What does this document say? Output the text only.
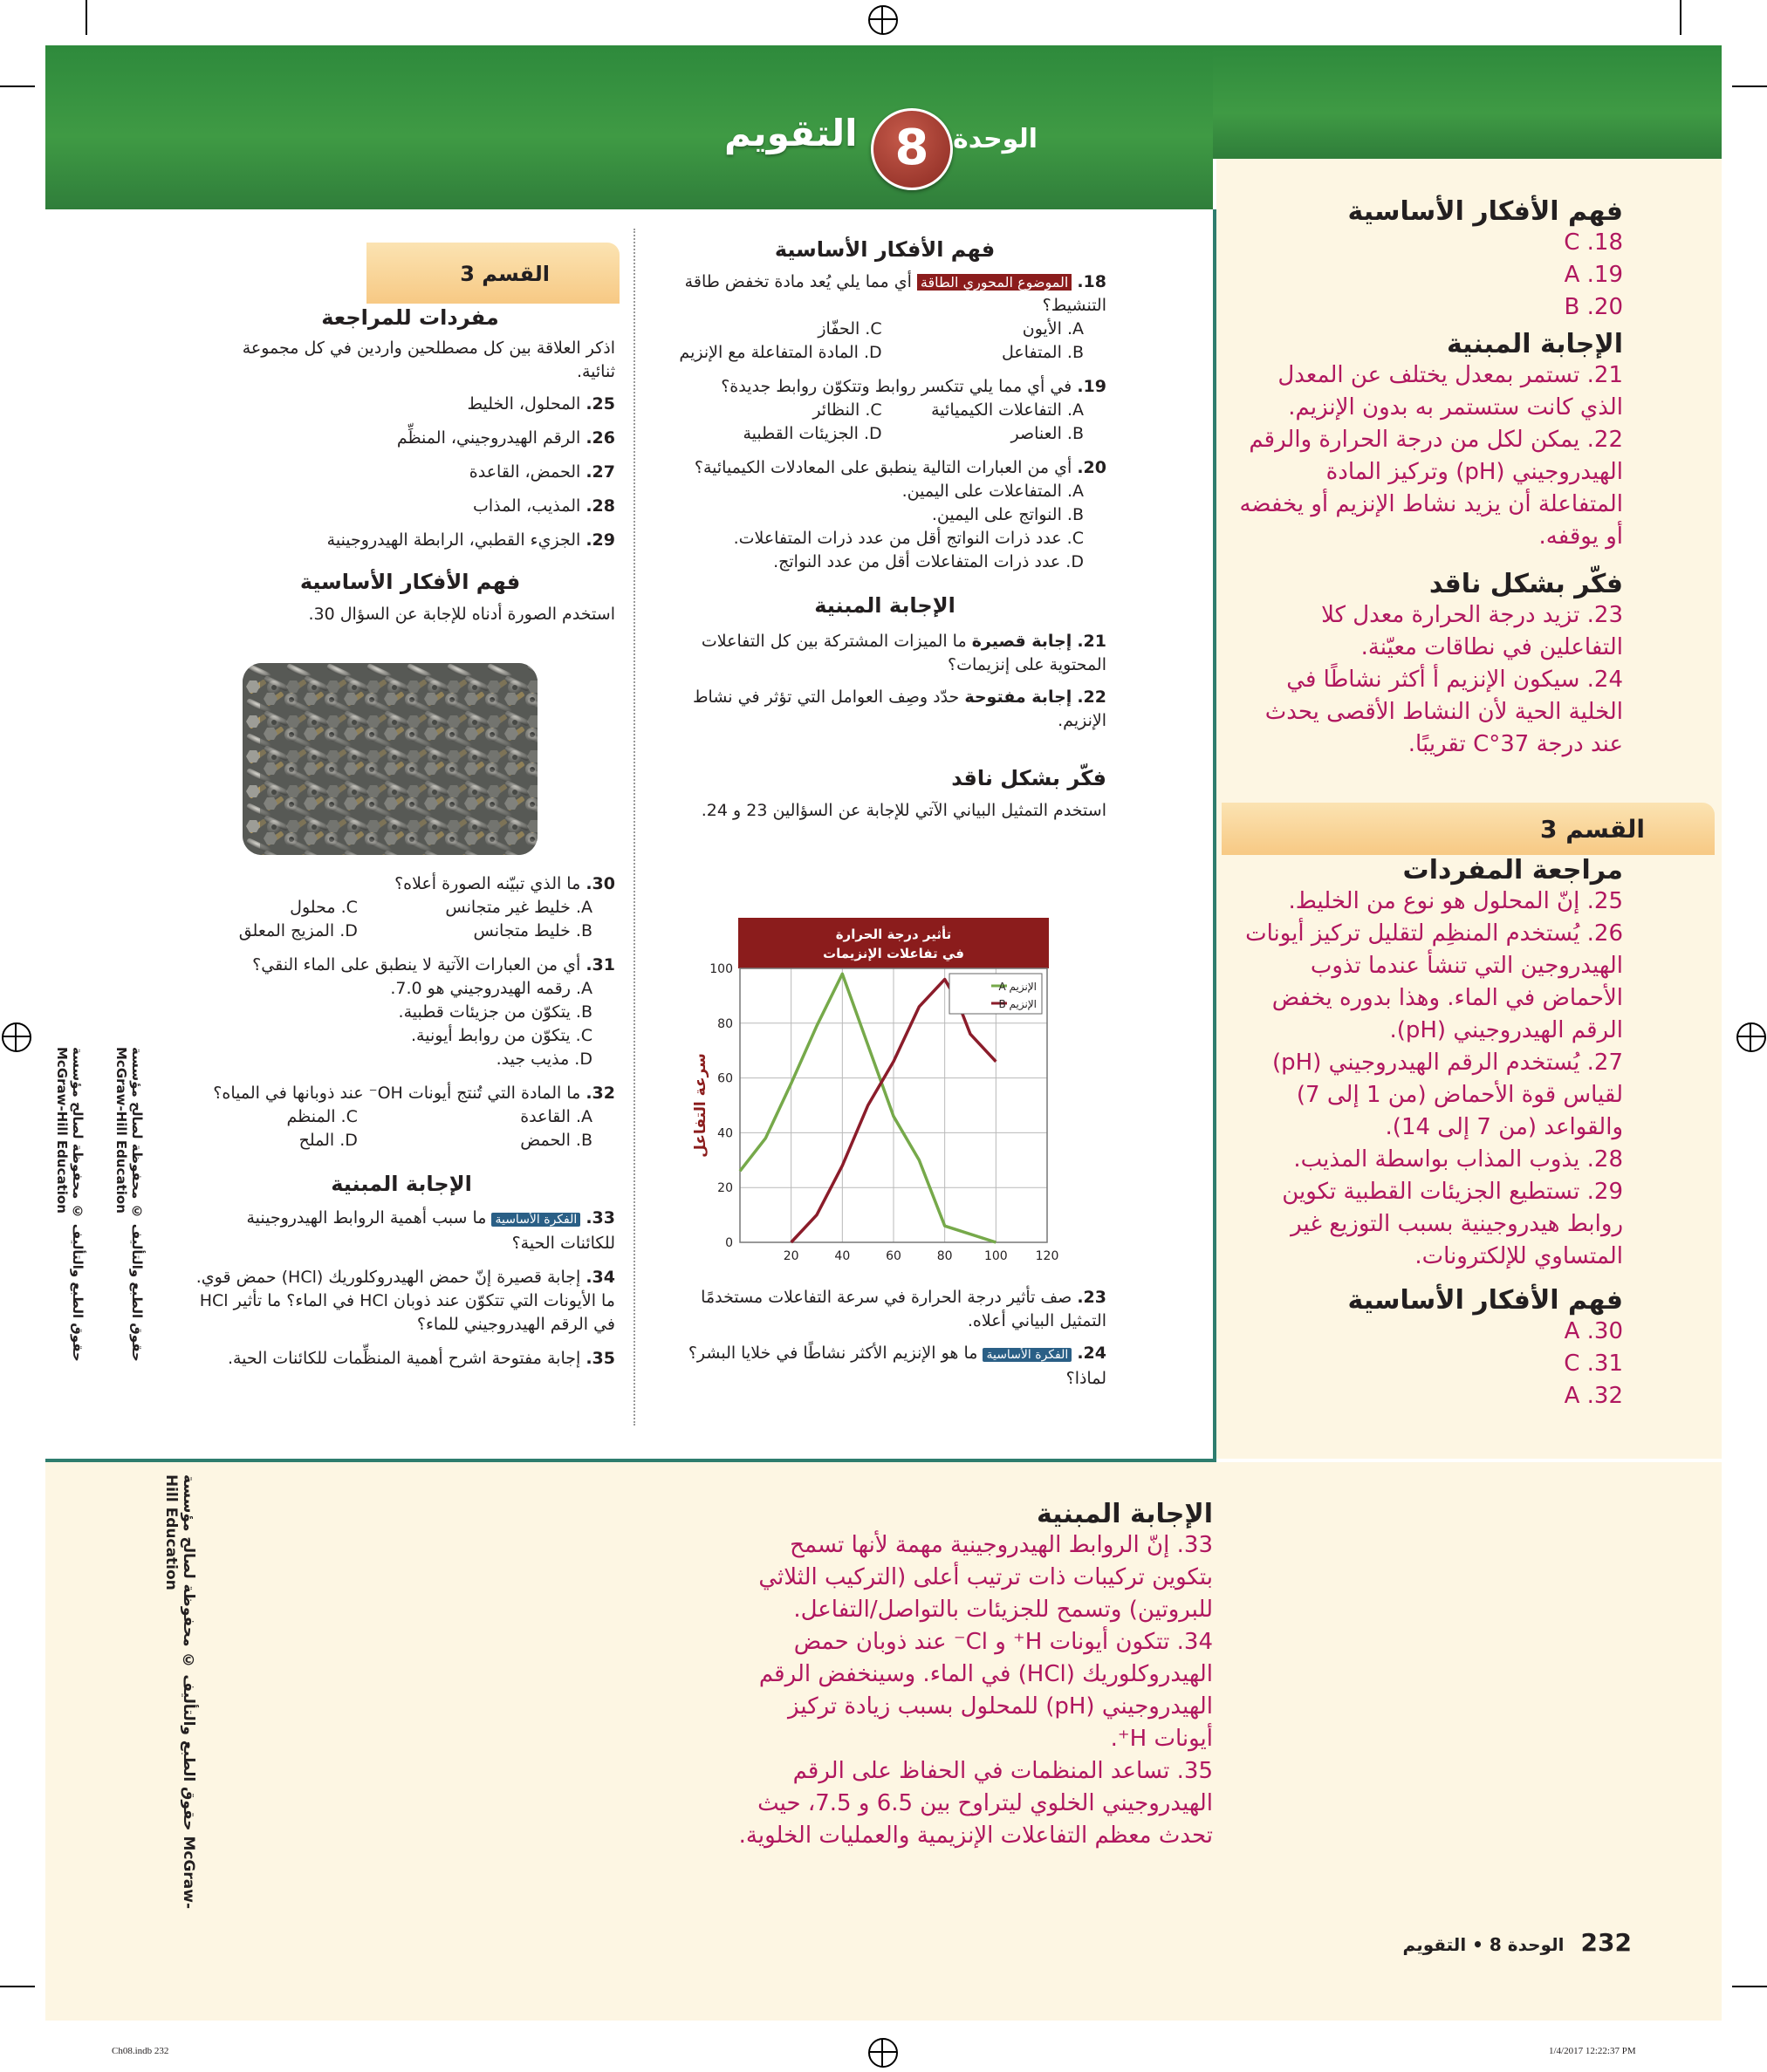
الوحدة
8
التقويم
فهم الأفكار الأساسية

18. الموضوع المحوري الطاقة أي مما يلي يُعد مادة تخفض طاقة التنشيط؟

A. الأيون
C. الحفّاز
B. المتفاعل
D. المادة المتفاعلة مع الإنزيم

19. في أي مما يلي تتكسر روابط وتتكوّن روابط جديدة؟

A. التفاعلات الكيميائية
C. النظائر
B. العناصر
D. الجزيئات القطبية

20. أي من العبارات التالية ينطبق على المعادلات الكيميائية؟

A. المتفاعلات على اليمين.

B. النواتج على اليمين.

C. عدد ذرات النواتج أقل من عدد ذرات المتفاعلات.

D. عدد ذرات المتفاعلات أقل من عدد النواتج.

الإجابة المبنية

21. إجابة قصيرة ما الميزات المشتركة بين كل التفاعلات المحتوية على إنزيمات؟

22. إجابة مفتوحة حدّد وصِف العوامل التي تؤثر في نشاط الإنزيم.

فكّر بشكل ناقد

استخدم التمثيل البياني الآتي للإجابة عن السؤالين 23 و 24.

تأثير درجة الحرارة
في تفاعلات الإنزيمات
20	40	60	80	100 120
0
20
40
60
80
100
سرعة التفاعل
A الإنزيم
B الإنزيم

23. صف تأثير درجة الحرارة في سرعة التفاعلات مستخدمًا التمثيل البياني أعلاه.

24. الفكرة الأساسية ما هو الإنزيم الأكثر نشاطًا في خلايا البشر؟ لماذا؟

القسم 3
مفردات للمراجعة

اذكر العلاقة بين كل مصطلحين واردين في كل مجموعة ثنائية.

25. المحلول، الخليط

26. الرقم الهيدروجيني، المنظِّم

27. الحمض، القاعدة

28. المذيب، المذاب

29. الجزيء القطبي، الرابطة الهيدروجينية

فهم الأفكار الأساسية

استخدم الصورة أدناه للإجابة عن السؤال 30.

30. ما الذي تبيّنه الصورة أعلاه؟

A. خليط غير متجانس
C. محلول
B. خليط متجانس
D. المزيج المعلق

31. أي من العبارات الآتية لا ينطبق على الماء النقي؟

A. رقمه الهيدروجيني هو 7.0.

B. يتكوّن من جزيئات قطبية.

C. يتكوّن من روابط أيونية.

D. مذيب جيد.

32. ما المادة التي تُنتج أيونات OH⁻ عند ذوبانها في المياه؟

A. القاعدة
C. المنظم
B. الحمض
D. الملح
الإجابة المبنية

33. الفكرة الأساسية ما سبب أهمية الروابط الهيدروجينية للكائنات الحية؟

34. إجابة قصيرة إنّ حمض الهيدروكلوريك (HCl) حمض قوي. ما الأيونات التي تتكوّن عند ذوبان HCl في الماء؟ ما تأثير HCl في الرقم الهيدروجيني للماء؟

35. إجابة مفتوحة اشرح أهمية المنظِّمات للكائنات الحية.

حقوق الطبع والتأليف © محفوظة لصالح مؤسسة McGraw-Hill Education	حقوق الطبع والتأليف © محفوظة لصالح مؤسسة McGraw-Hill Education
حقوق الطبع والتأليف © محفوظة لصالح مؤسسة McGraw-Hill Education
فهم الأفكار الأساسية
C .18
A .19
B .20
الإجابة المبنية
21. تستمر بمعدل يختلف عن المعدل الذي كانت ستستمر به بدون الإنزيم.
22. يمكن لكل من درجة الحرارة والرقم الهيدروجيني (pH) وتركيز المادة المتفاعلة أن يزيد نشاط الإنزيم أو يخفضه أو يوقفه.
فكّر بشكل ناقد
23. تزيد درجة الحرارة معدل كلا التفاعلين في نطاقات معيّنة.
24. سيكون الإنزيم أ أكثر نشاطًا في الخلية الحية لأن النشاط الأقصى يحدث عند درجة 37°C تقريبًا.
القسم 3
مراجعة المفردات
25. إنّ المحلول هو نوع من الخليط.
26. يُستخدم المنظِم لتقليل تركيز أيونات الهيدروجين التي تنشأ عندما تذوب الأحماض في الماء. وهذا بدوره يخفض الرقم الهيدروجيني (pH).
27. يُستخدم الرقم الهيدروجيني (pH) لقياس قوة الأحماض (من 1 إلى 7) والقواعد (من 7 إلى 14).
28. يذوب المذاب بواسطة المذيب.
29. تستطيع الجزيئات القطبية تكوين روابط هيدروجينية بسبب التوزيع غير المتساوي للإلكترونات.
فهم الأفكار الأساسية
A .30
C .31
A .32
الإجابة المبنية
33. إنّ الروابط الهيدروجينية مهمة لأنها تسمح بتكوين تركيبات ذات ترتيب أعلى (التركيب الثلاثي للبروتين) وتسمح للجزيئات بالتواصل/التفاعل.
34. تتكون أيونات H⁺ و Cl⁻ عند ذوبان حمض الهيدروكلوريك (HCl) في الماء. وسينخفض الرقم الهيدروجيني (pH) للمحلول بسبب زيادة تركيز أيونات H⁺.
35. تساعد المنظمات في الحفاظ على الرقم الهيدروجيني الخلوي ليتراوح بين 6.5 و 7.5، حيث تحدث معظم التفاعلات الإنزيمية والعمليات الخلوية.
232 الوحدة 8 • التقويم
Ch08.indb 232	1/4/2017 12:22:37 PM
